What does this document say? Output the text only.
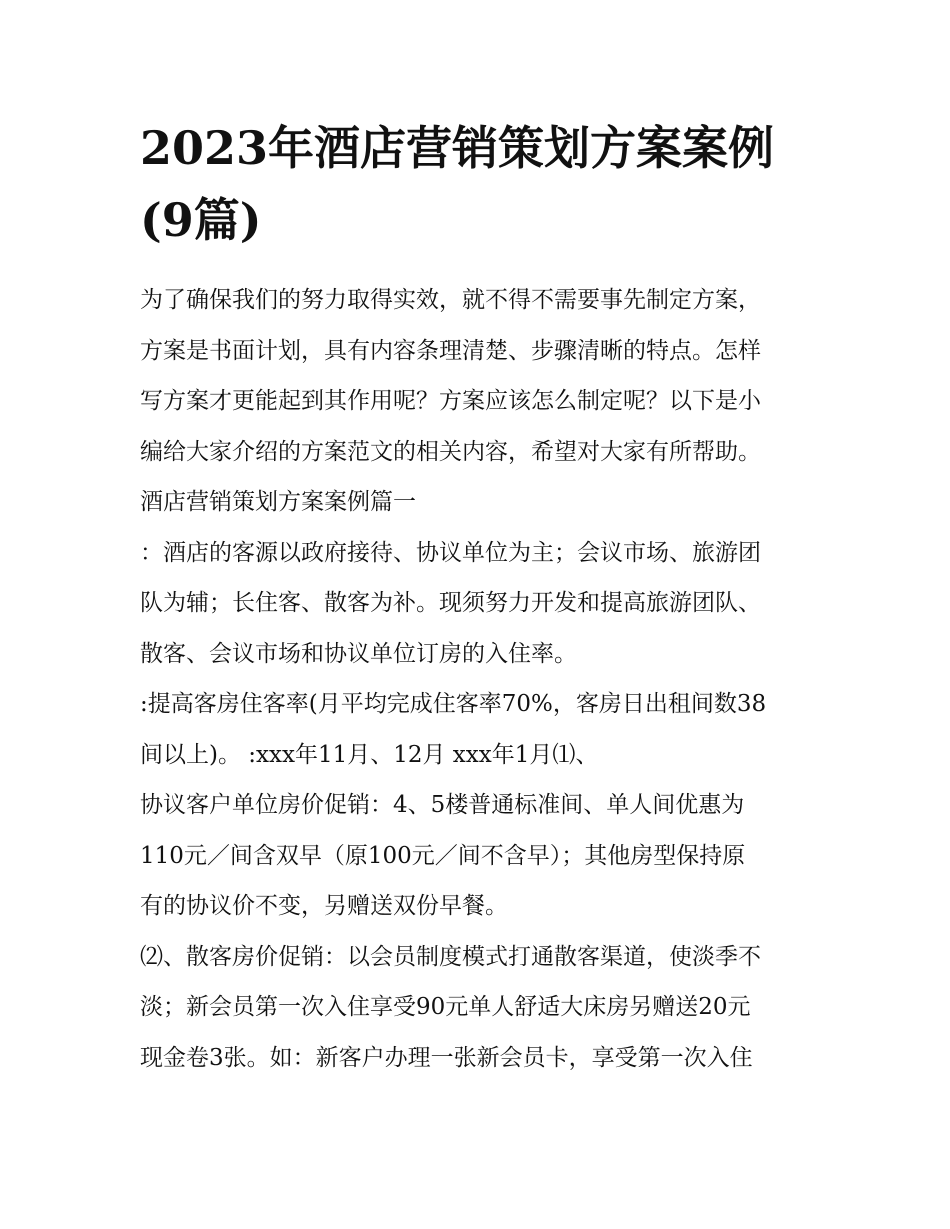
2023年酒店营销策划方案案例
(9篇)
为了确保我们的努力取得实效，就不得不需要事先制定方案，
方案是书面计划，具有内容条理清楚、步骤清晰的特点。怎样
写方案才更能起到其作用呢？方案应该怎么制定呢？以下是小
编给大家介绍的方案范文的相关内容，希望对大家有所帮助。
酒店营销策划方案案例篇一
：酒店的客源以政府接待、协议单位为主；会议市场、旅游团
队为辅；长住客、散客为补。现须努力开发和提高旅游团队、
散客、会议市场和协议单位订房的入住率。
:提高客房住客率(月平均完成住客率70%，客房日出租间数38
间以上)。 :xxx年11月、12月 xxx年1月⑴、
协议客户单位房价促销：4、5楼普通标准间、单人间优惠为
110元／间含双早（原100元／间不含早）；其他房型保持原
有的协议价不变，另赠送双份早餐。
⑵、散客房价促销：以会员制度模式打通散客渠道，使淡季不
淡；新会员第一次入住享受90元单人舒适大床房另赠送20元
现金卷3张。如：新客户办理一张新会员卡，享受第一次入住
